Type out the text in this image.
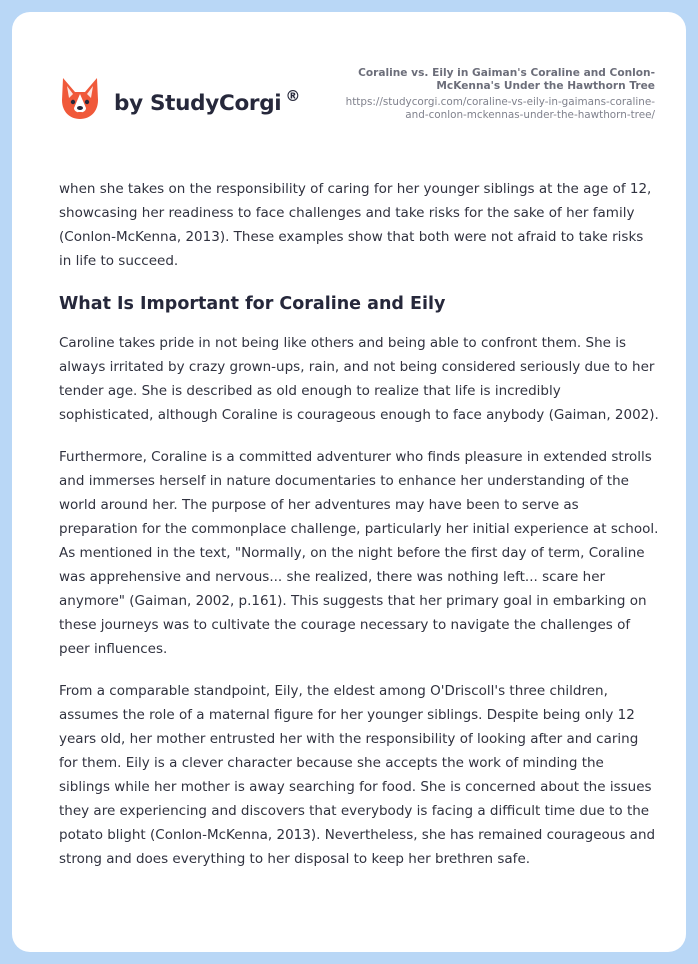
by StudyCorgi ®
Coraline vs. Eily in Gaiman's Coraline and Conlon-McKenna's Under the Hawthorn Tree
https://studycorgi.com/coraline-vs-eily-in-gaimans-coraline-and-conlon-mckennas-under-the-hawthorn-tree/

when she takes on the responsibility of caring for her younger siblings at the age of 12, showcasing her readiness to face challenges and take risks for the sake of her family (Conlon-McKenna, 2013). These examples show that both were not afraid to take risks in life to succeed.

What Is Important for Coraline and Eily

Caroline takes pride in not being like others and being able to confront them. She is always irritated by crazy grown-ups, rain, and not being considered seriously due to her tender age. She is described as old enough to realize that life is incredibly sophisticated, although Coraline is courageous enough to face anybody (Gaiman, 2002).

Furthermore, Coraline is a committed adventurer who finds pleasure in extended strolls and immerses herself in nature documentaries to enhance her understanding of the world around her. The purpose of her adventures may have been to serve as preparation for the commonplace challenge, particularly her initial experience at school. As mentioned in the text, "Normally, on the night before the first day of term, Coraline was apprehensive and nervous... she realized, there was nothing left... scare her anymore" (Gaiman, 2002, p.161). This suggests that her primary goal in embarking on these journeys was to cultivate the courage necessary to navigate the challenges of peer influences.

From a comparable standpoint, Eily, the eldest among O'Driscoll's three children, assumes the role of a maternal figure for her younger siblings. Despite being only 12 years old, her mother entrusted her with the responsibility of looking after and caring for them. Eily is a clever character because she accepts the work of minding the siblings while her mother is away searching for food. She is concerned about the issues they are experiencing and discovers that everybody is facing a difficult time due to the potato blight (Conlon-McKenna, 2013). Nevertheless, she has remained courageous and strong and does everything to her disposal to keep her brethren safe.
